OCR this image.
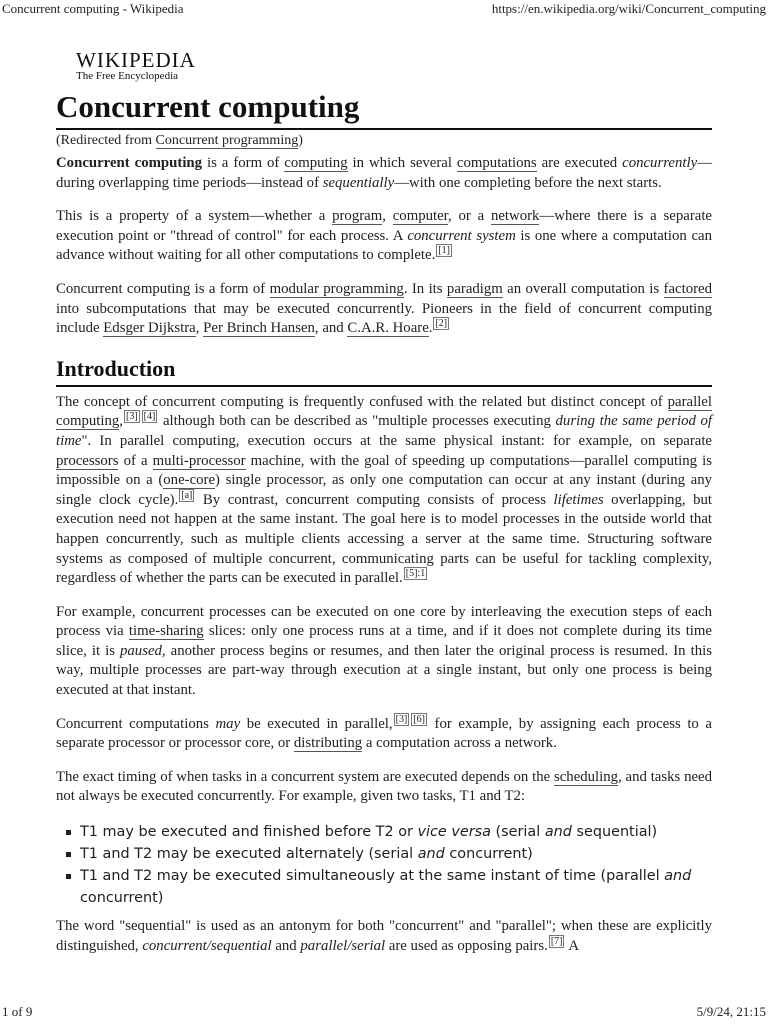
Concurrent computing - Wikipedia	https://en.wikipedia.org/wiki/Concurrent_computing
WIKIPEDIA
The Free Encyclopedia
Concurrent computing
(Redirected from Concurrent programming)

Concurrent computing is a form of computing in which several computations are executed concurrently—during overlapping time periods—instead of sequentially—with one completing before the next starts.

This is a property of a system—whether a program, computer, or a network—where there is a separate execution point or "thread of control" for each process. A concurrent system is one where a computation can advance without waiting for all other computations to complete. [1]

Concurrent computing is a form of modular programming. In its paradigm an overall computation is factored into subcomputations that may be executed concurrently. Pioneers in the field of concurrent computing include Edsger Dijkstra, Per Brinch Hansen, and C.A.R. Hoare. [2]

Introduction

The concept of concurrent computing is frequently confused with the related but distinct concept of parallel computing, [3] [4] although both can be described as "multiple processes executing during the same period of time". In parallel computing, execution occurs at the same physical instant: for example, on separate processors of a multi-processor machine, with the goal of speeding up computations—parallel computing is impossible on a (one-core) single processor, as only one computation can occur at any instant (during any single clock cycle). [a] By contrast, concurrent computing consists of process lifetimes overlapping, but execution need not happen at the same instant. The goal here is to model processes in the outside world that happen concurrently, such as multiple clients accessing a server at the same time. Structuring software systems as composed of multiple concurrent, communicating parts can be useful for tackling complexity, regardless of whether the parts can be executed in parallel. $^{[5]:1}$

For example, concurrent processes can be executed on one core by interleaving the execution steps of each process via time-sharing slices: only one process runs at a time, and if it does not complete during its time slice, it is paused, another process begins or resumes, and then later the original process is resumed. In this way, multiple processes are part-way through execution at a single instant, but only one process is being executed at that instant.

Concurrent computations may be executed in parallel, [3] [6] for example, by assigning each process to a separate processor or processor core, or distributing a computation across a network.

The exact timing of when tasks in a concurrent system are executed depends on the scheduling, and tasks need not always be executed concurrently. For example, given two tasks, T1 and T2:

T1 may be executed and finished before T2 or vice versa (serial and sequential)
T1 and T2 may be executed alternately (serial and concurrent)
T1 and T2 may be executed simultaneously at the same instant of time (parallel and concurrent)

The word "sequential" is used as an antonym for both "concurrent" and "parallel"; when these are explicitly distinguished, concurrent/sequential and parallel/serial are used as opposing pairs. [7] A

1 of 9	5/9/24, 21:15
